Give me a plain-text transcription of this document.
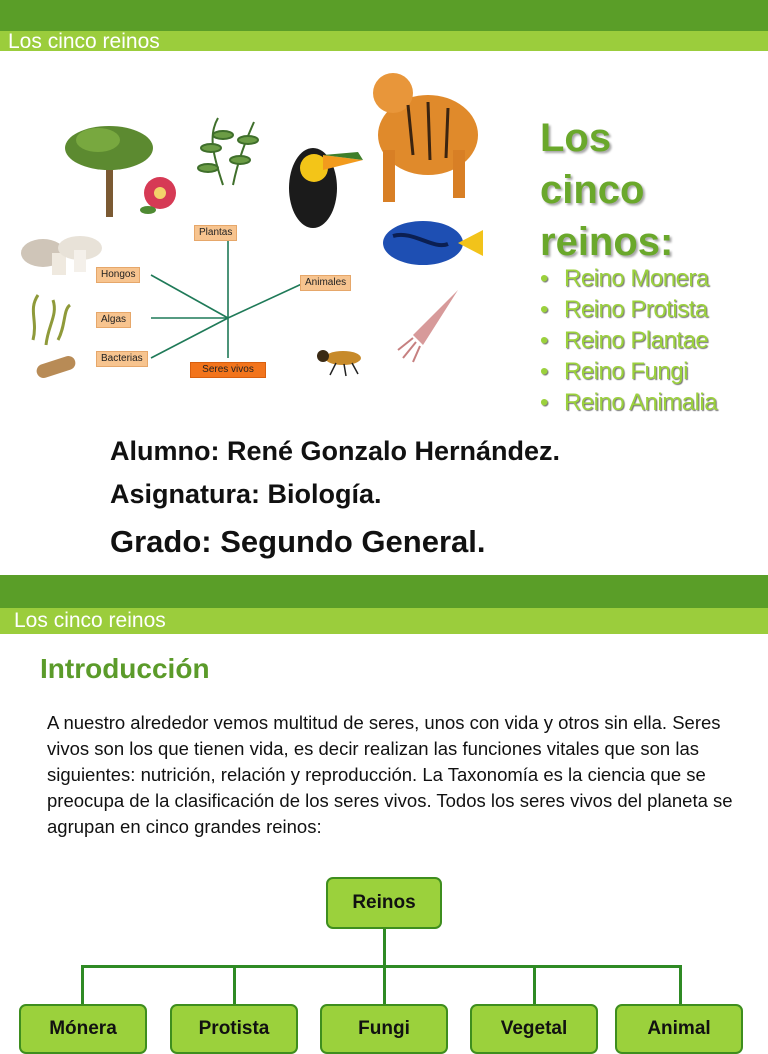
Los cinco reinos
Plantas
Hongos
Algas
Bacterias
Animales
Seres vivos
Los
cinco
reinos:
• Reino Monera
• Reino Protista
• Reino Plantae
• Reino Fungi
• Reino Animalia
Alumno: René Gonzalo Hernández.
Asignatura: Biología.
Grado: Segundo General.
Los cinco reinos
Introducción
A nuestro alrededor vemos multitud de seres, unos con vida y otros sin ella. Seres vivos son los que tienen vida, es decir realizan las funciones vitales que son las siguientes: nutrición, relación y reproducción. La Taxonomía es la ciencia que se preocupa de la clasificación de los seres vivos. Todos los seres vivos del planeta se agrupan en cinco grandes reinos:
Reinos
Mónera	Protista	Fungi	Vegetal	Animal
